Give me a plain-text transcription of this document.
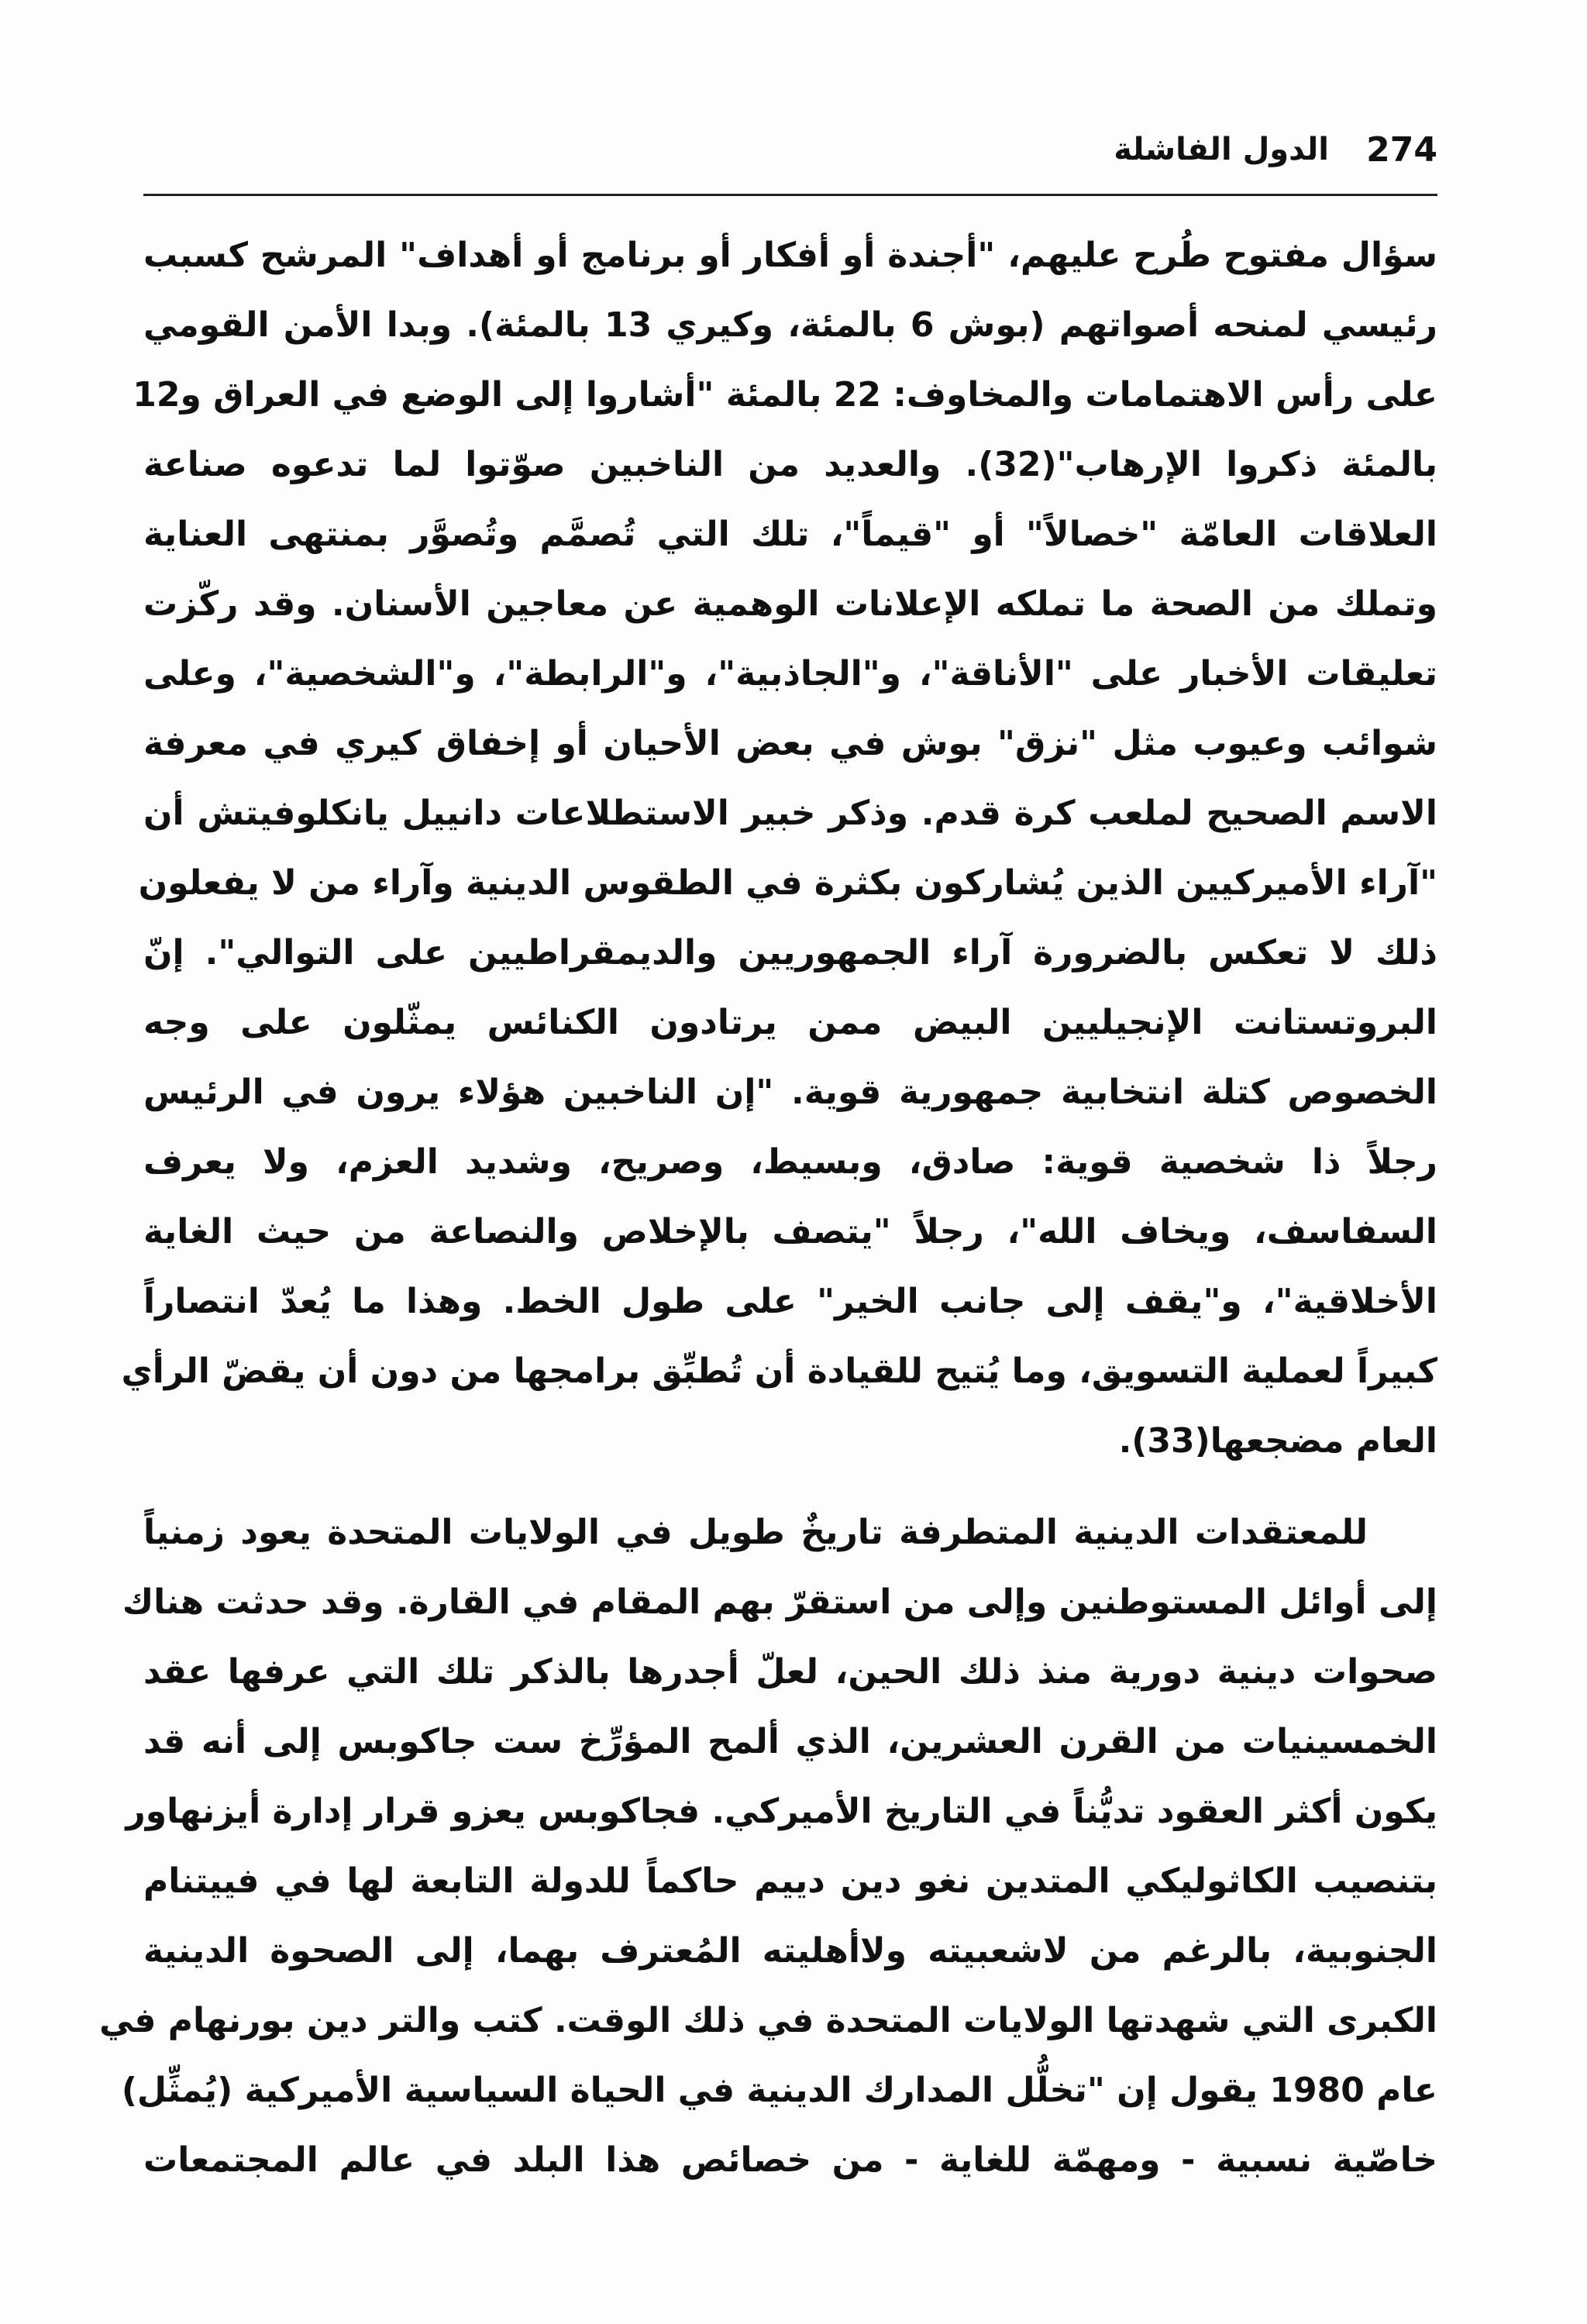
274
الدول الفاشلة
سؤال مفتوح طُرح عليهم، "أجندة أو أفكار أو برنامج أو أهداف" المرشح كسبب
رئيسي لمنحه أصواتهم (بوش 6 بالمئة، وكيري 13 بالمئة). وبدا الأمن القومي
على رأس الاهتمامات والمخاوف: 22 بالمئة "أشاروا إلى الوضع في العراق و12
بالمئة ذكروا الإرهاب"(32). والعديد من الناخبين صوّتوا لما تدعوه صناعة
العلاقات العامّة "خصالاً" أو "قيماً"، تلك التي تُصمَّم وتُصوَّر بمنتهى العناية
وتملك من الصحة ما تملكه الإعلانات الوهمية عن معاجين الأسنان. وقد ركّزت
تعليقات الأخبار على "الأناقة"، و"الجاذبية"، و"الرابطة"، و"الشخصية"، وعلى
شوائب وعيوب مثل "نزق" بوش في بعض الأحيان أو إخفاق كيري في معرفة
الاسم الصحيح لملعب كرة قدم. وذكر خبير الاستطلاعات دانييل يانكلوفيتش أن
"آراء الأميركيين الذين يُشاركون بكثرة في الطقوس الدينية وآراء من لا يفعلون
ذلك لا تعكس بالضرورة آراء الجمهوريين والديمقراطيين على التوالي". إنّ
البروتستانت الإنجيليين البيض ممن يرتادون الكنائس يمثّلون على وجه
الخصوص كتلة انتخابية جمهورية قوية. "إن الناخبين هؤلاء يرون في الرئيس
رجلاً ذا شخصية قوية: صادق، وبسيط، وصريح، وشديد العزم، ولا يعرف
السفاسف، ويخاف الله"، رجلاً "يتصف بالإخلاص والنصاعة من حيث الغاية
الأخلاقية"، و"يقف إلى جانب الخير" على طول الخط. وهذا ما يُعدّ انتصاراً
كبيراً لعملية التسويق، وما يُتيح للقيادة أن تُطبِّق برامجها من دون أن يقضّ الرأي
العام مضجعها(33).
للمعتقدات الدينية المتطرفة تاريخٌ طويل في الولايات المتحدة يعود زمنياً
إلى أوائل المستوطنين وإلى من استقرّ بهم المقام في القارة. وقد حدثت هناك
صحوات دينية دورية منذ ذلك الحين، لعلّ أجدرها بالذكر تلك التي عرفها عقد
الخمسينيات من القرن العشرين، الذي ألمح المؤرِّخ ست جاكوبس إلى أنه قد
يكون أكثر العقود تديُّناً في التاريخ الأميركي. فجاكوبس يعزو قرار إدارة أيزنهاور
بتنصيب الكاثوليكي المتدين نغو دين دييم حاكماً للدولة التابعة لها في فييتنام
الجنوبية، بالرغم من لاشعبيته ولاأهليته المُعترف بهما، إلى الصحوة الدينية
الكبرى التي شهدتها الولايات المتحدة في ذلك الوقت. كتب والتر دين بورنهام في
عام 1980 يقول إن "تخلُّل المدارك الدينية في الحياة السياسية الأميركية (يُمثِّل)
خاصّية نسبية - ومهمّة للغاية - من خصائص هذا البلد في عالم المجتمعات
